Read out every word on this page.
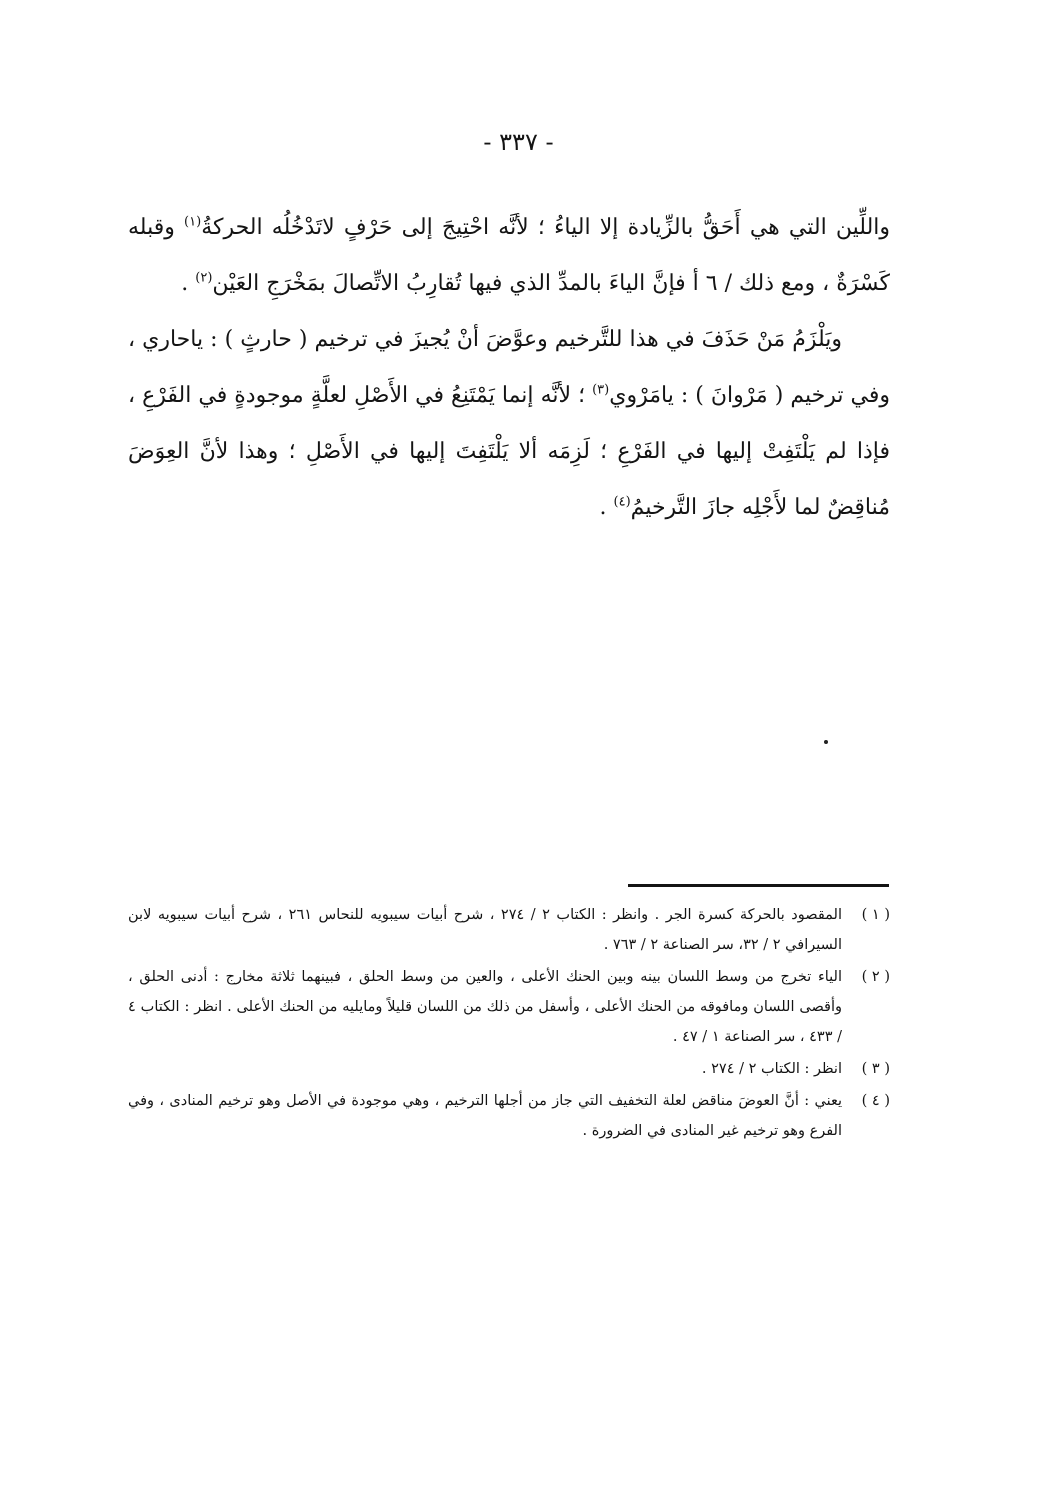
- ٣٣٧ -

واللِّين التي هي أَحَقُّ بالزِّيادة إلا الياءُ ؛ لأنَّه احْتِيجَ إلى حَرْفٍ لاتَدْخُلُه الحركةُ$^{(١)}$ وقبله كَسْرَةٌ ، ومع ذلك / ٦ أ فإنَّ الياءَ بالمدِّ الذي فيها تُقارِبُ الاتِّصالَ بمَخْرَجِ العَيْن$^{(٢)}$ .

ويَلْزَمُ مَنْ حَذَفَ في هذا للتَّرخيم وعوَّضَ أنْ يُجيزَ في ترخيم ( حارثٍ ) : ياحاري ، وفي ترخيم ( مَرْوانَ ) : يامَرْوي$^{(٣)}$ ؛ لأنَّه إنما يَمْتَنِعُ في الأَصْلِ لعلَّةٍ موجودةٍ في الفَرْعِ ، فإذا لم يَلْتَفِتْ إليها في الفَرْعِ ؛ لَزِمَه ألا يَلْتَفِتَ إليها في الأَصْلِ ؛ وهذا لأنَّ العِوَضَ مُناقِضٌ لما لأَجْلِه جازَ التَّرخيمُ$^{(٤)}$ .

( ١ )
المقصود بالحركة كسرة الجر . وانظر : الكتاب ٢ / ٢٧٤ ، شرح أبيات سيبويه للنحاس ٢٦١ ، شرح أبيات سيبويه لابن السيرافي ٢ / ٣٢، سر الصناعة ٢ / ٧٦٣ .
( ٢ )
الياء تخرج من وسط اللسان بينه وبين الحنك الأعلى ، والعين من وسط الحلق ، فبينهما ثلاثة مخارج : أدنى الحلق ، وأقصى اللسان ومافوقه من الحنك الأعلى ، وأسفل من ذلك من اللسان قليلاً ومايليه من الحنك الأعلى . انظر : الكتاب ٤ / ٤٣٣ ، سر الصناعة ١ / ٤٧ .
( ٣ )
انظر : الكتاب ٢ / ٢٧٤ .
( ٤ )
يعني : أنَّ العوضَ مناقض لعلة التخفيف التي جاز من أجلها الترخيم ، وهي موجودة في الأصل وهو ترخيم المنادى ، وفي الفرع وهو ترخيم غير المنادى في الضرورة .
